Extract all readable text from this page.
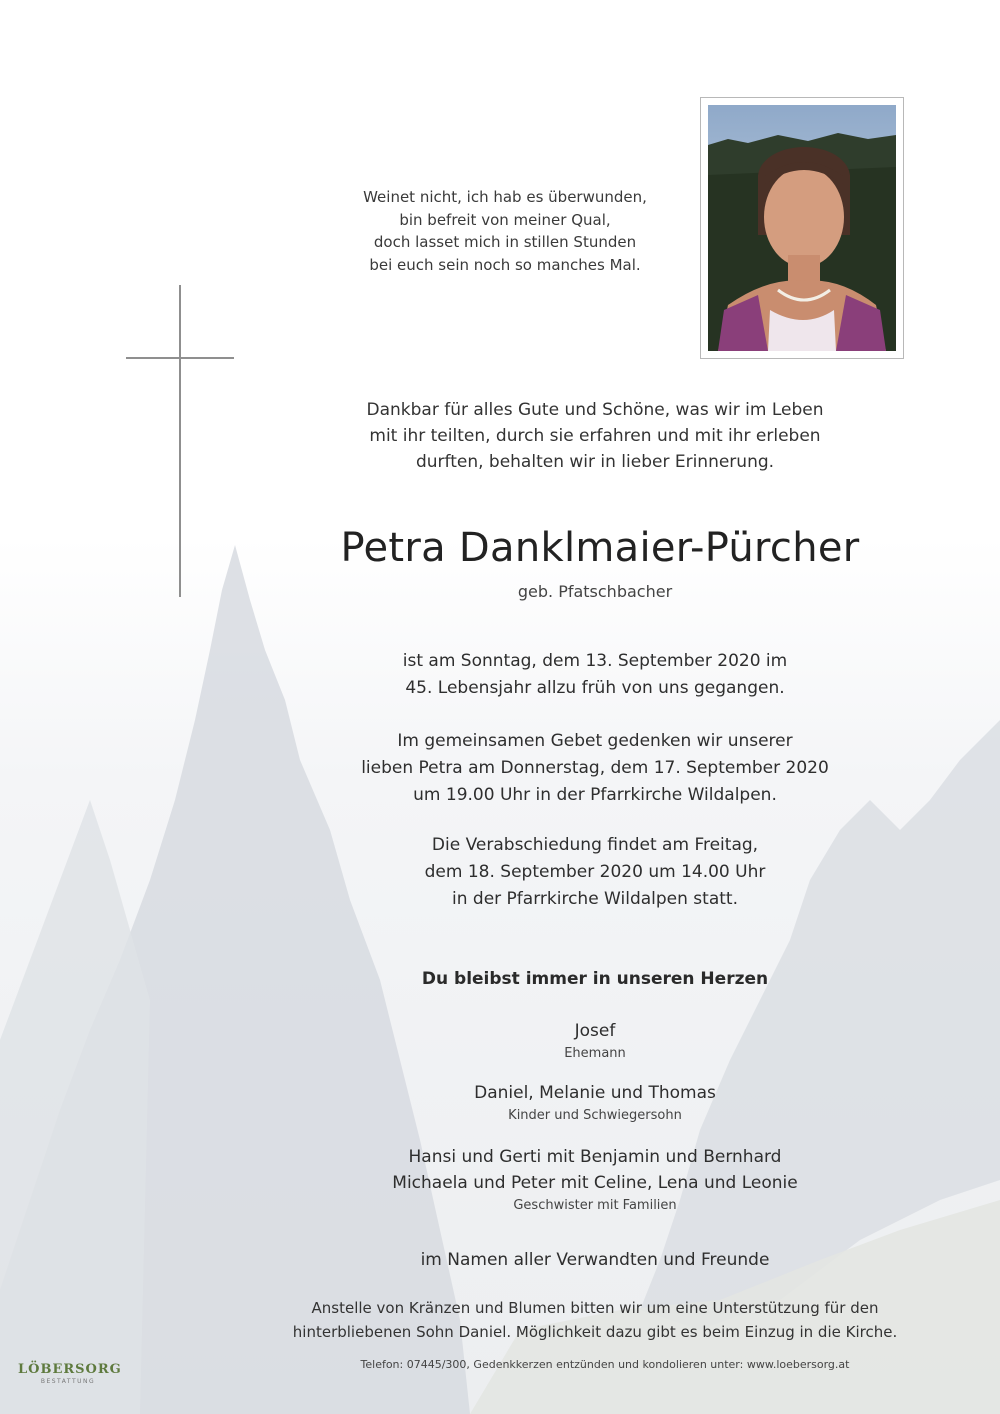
Weinet nicht, ich hab es überwunden,
bin befreit von meiner Qual,
doch lasset mich in stillen Stunden
bei euch sein noch so manches Mal.
Dankbar für alles Gute und Schöne, was wir im Leben
mit ihr teilten, durch sie erfahren und mit ihr erleben
durften, behalten wir in lieber Erinnerung.
Petra Danklmaier-Pürcher
geb. Pfatschbacher
ist am Sonntag, dem 13. September 2020 im
45. Lebensjahr allzu früh von uns gegangen.
Im gemeinsamen Gebet gedenken wir unserer
lieben Petra am Donnerstag, dem 17. September 2020
um 19.00 Uhr in der Pfarrkirche Wildalpen.
Die Verabschiedung findet am Freitag,
dem 18. September 2020 um 14.00 Uhr
in der Pfarrkirche Wildalpen statt.
Du bleibst immer in unseren Herzen
Josef
Ehemann
Daniel, Melanie und Thomas
Kinder und Schwiegersohn
Hansi und Gerti mit Benjamin und Bernhard
Michaela und Peter mit Celine, Lena und Leonie
Geschwister mit Familien
im Namen aller Verwandten und Freunde
Anstelle von Kränzen und Blumen bitten wir um eine Unterstützung für den
hinterbliebenen Sohn Daniel. Möglichkeit dazu gibt es beim Einzug in die Kirche.
Telefon: 07445/300, Gedenkkerzen entzünden und kondolieren unter: www.loebersorg.at
LÖBERSORG
BESTATTUNG
